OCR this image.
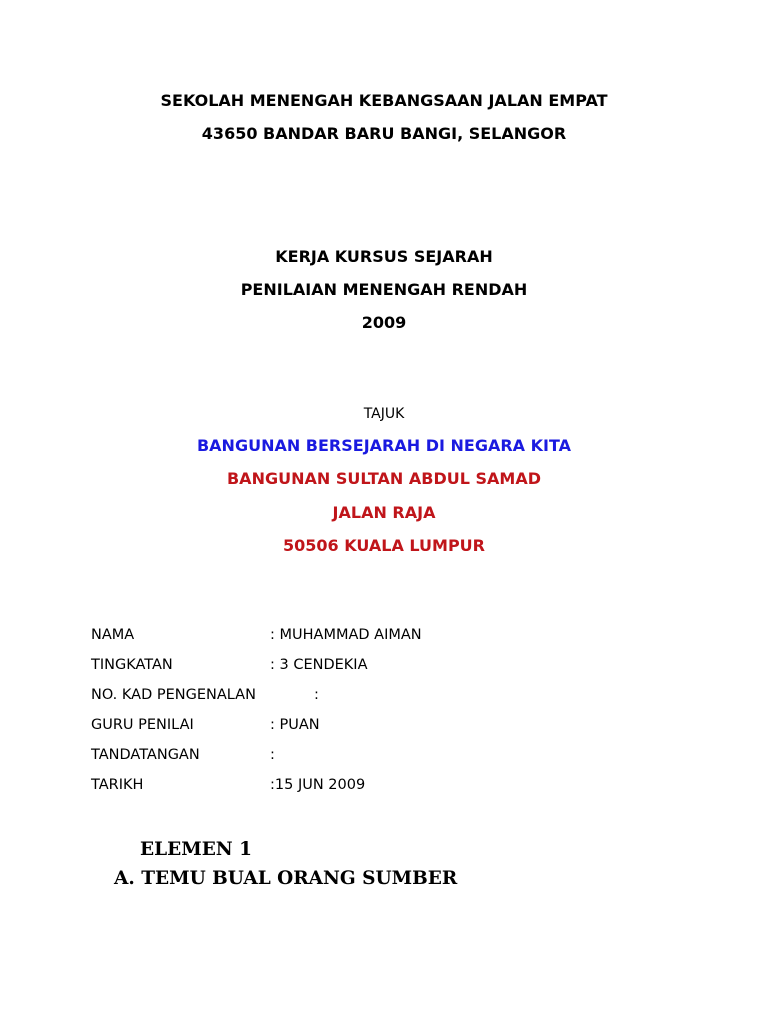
SEKOLAH MENENGAH KEBANGSAAN JALAN EMPAT
43650 BANDAR BARU BANGI, SELANGOR
KERJA KURSUS SEJARAH
PENILAIAN MENENGAH RENDAH
2009
TAJUK
BANGUNAN BERSEJARAH DI NEGARA KITA
BANGUNAN SULTAN ABDUL SAMAD
JALAN RAJA
50506 KUALA LUMPUR
NAMA	: MUHAMMAD AIMAN
TINGKATAN	: 3 CENDEKIA
NO. KAD PENGENALAN	:
GURU PENILAI	: PUAN
TANDATANGAN	:
TARIKH	:15 JUN 2009
ELEMEN 1
A. TEMU BUAL ORANG SUMBER
